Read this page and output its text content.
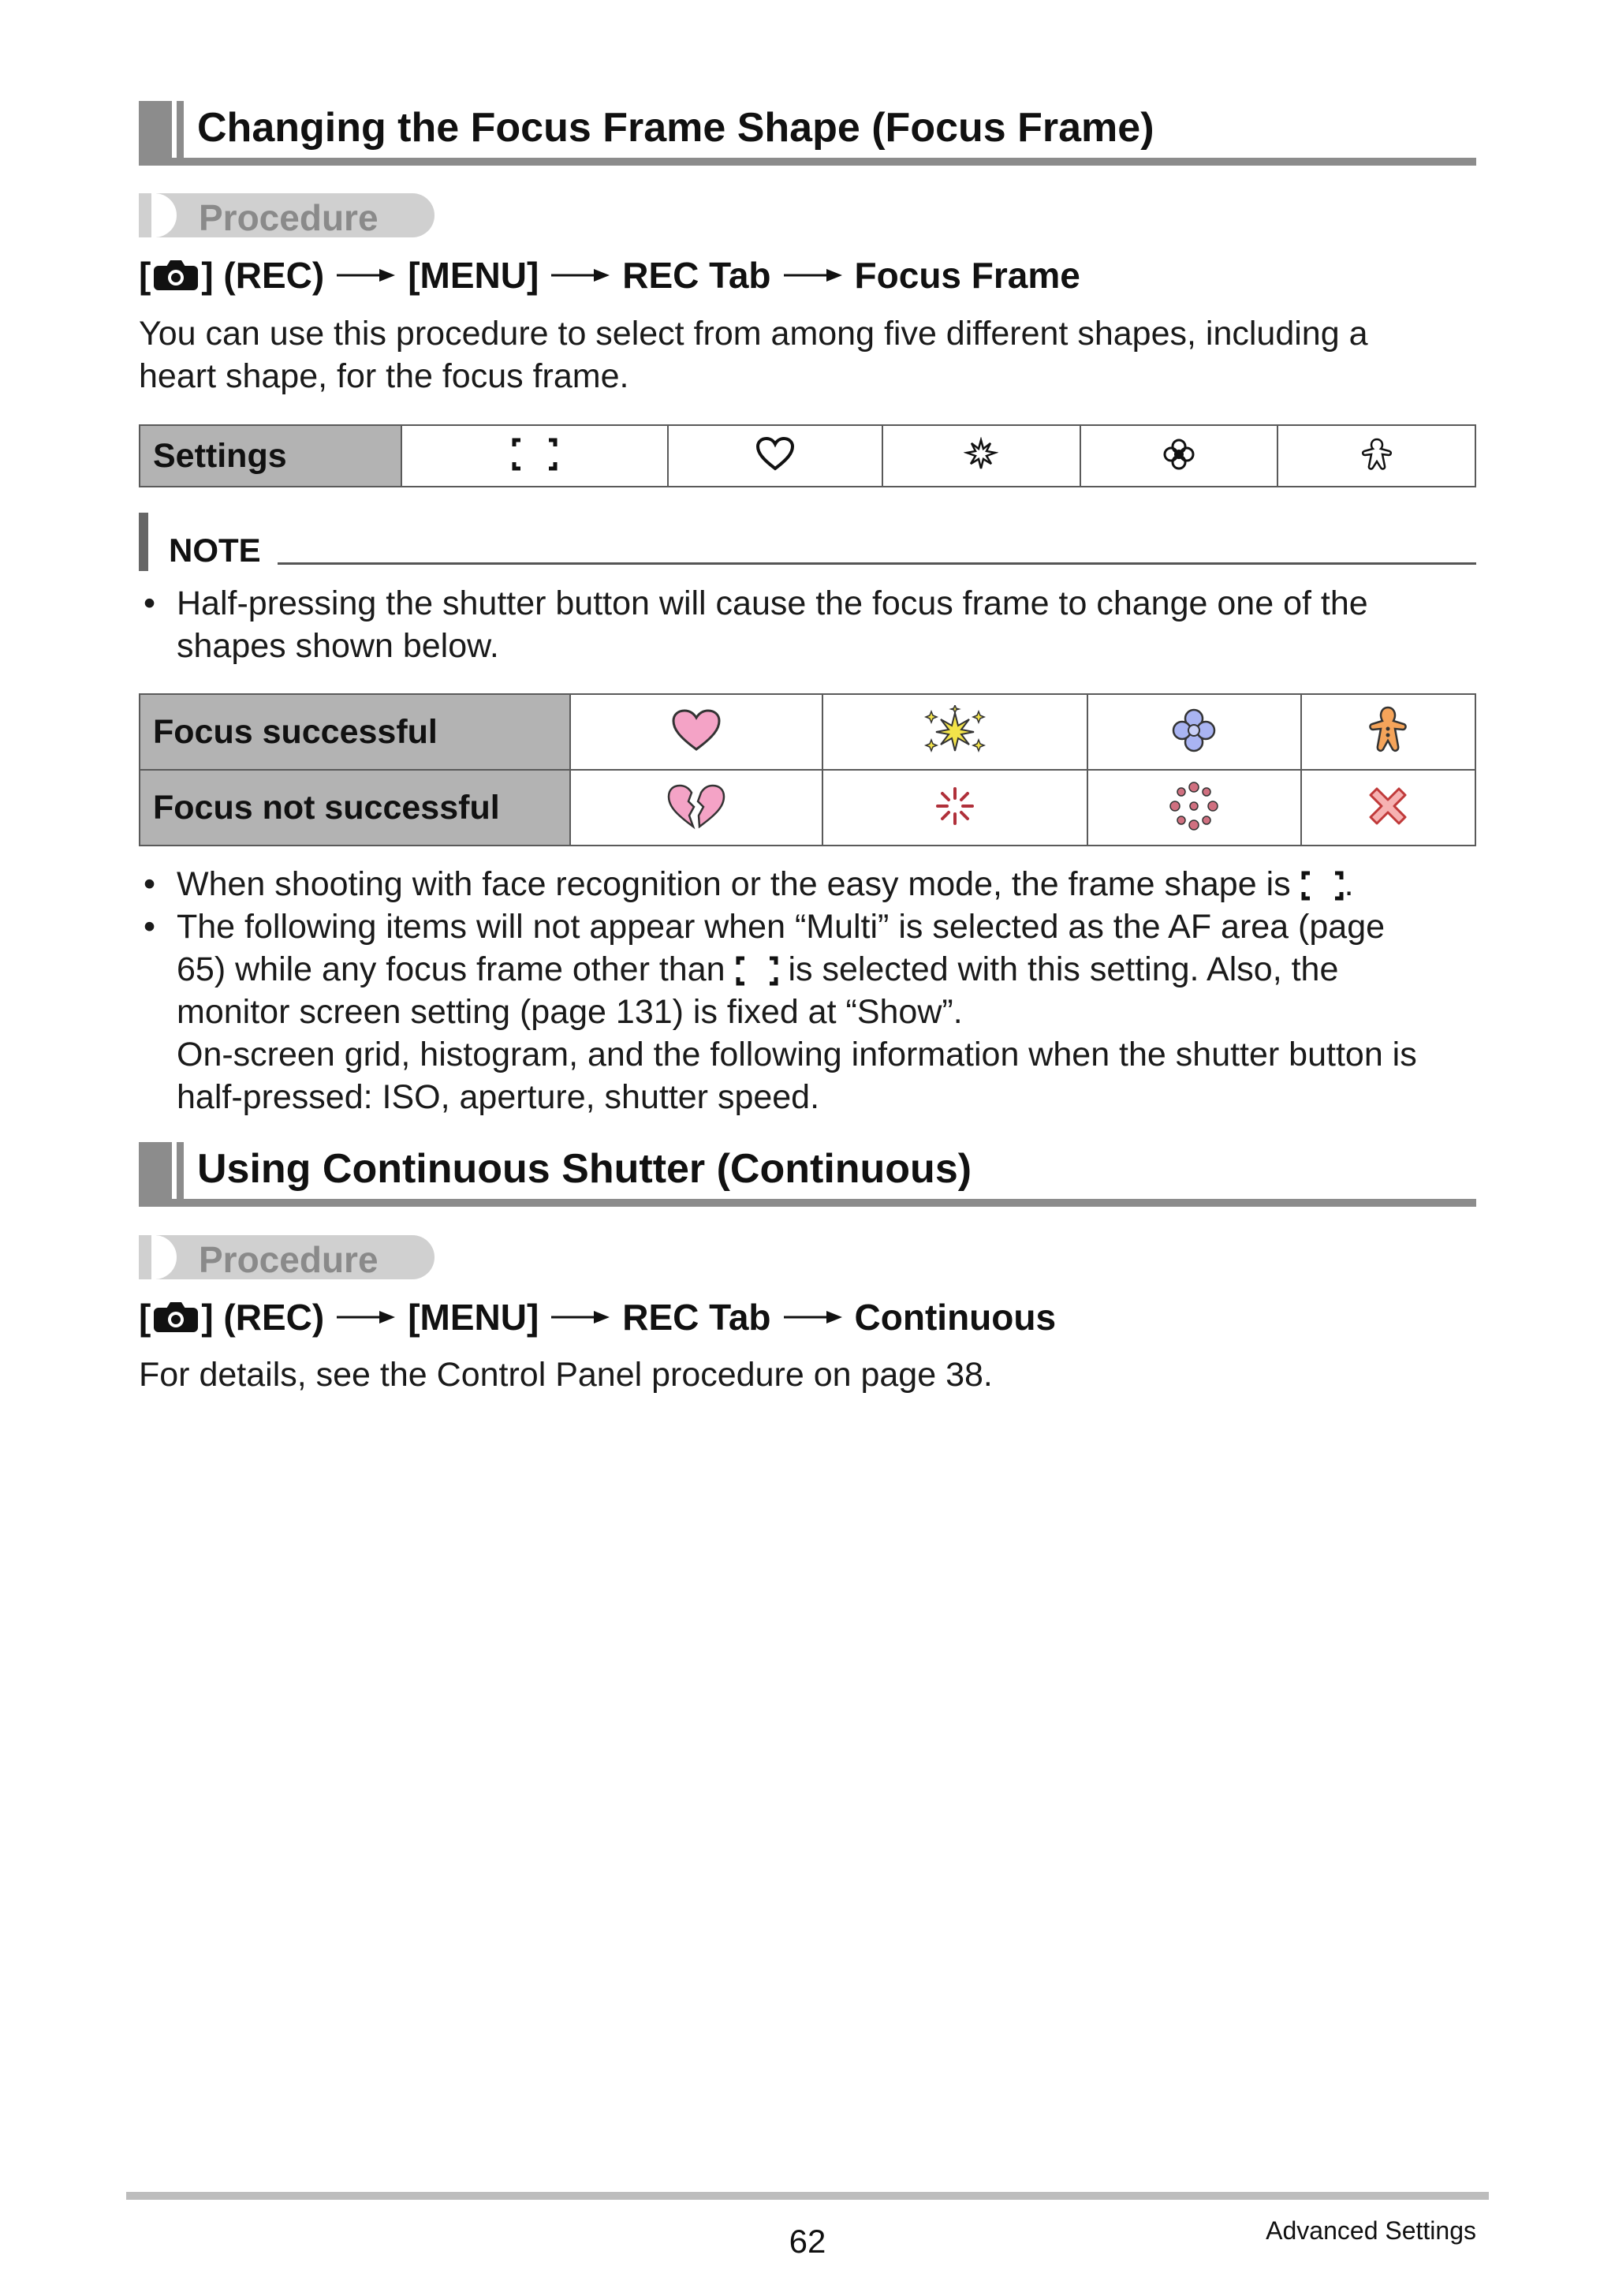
Changing the Focus Frame Shape (Focus Frame)
Procedure
[ ] (REC) [MENU] REC Tab Focus Frame
You can use this procedure to select from among five different shapes, including a
heart shape, for the focus frame.
Settings					
NOTE
• Half-pressing the shutter button will cause the focus frame to change one of the
shapes shown below.
Focus successful				
Focus not successful				
• When shooting with face recognition or the easy mode, the frame shape is .
• The following items will not appear when “Multi” is selected as the AF area (page
65) while any focus frame other than is selected with this setting. Also, the
monitor screen setting (page 131) is fixed at “Show”.
On-screen grid, histogram, and the following information when the shutter button is
half-pressed: ISO, aperture, shutter speed.
Using Continuous Shutter (Continuous)
Procedure
[ ] (REC) [MENU] REC Tab Continuous
For details, see the Control Panel procedure on page 38.
62	Advanced Settings
